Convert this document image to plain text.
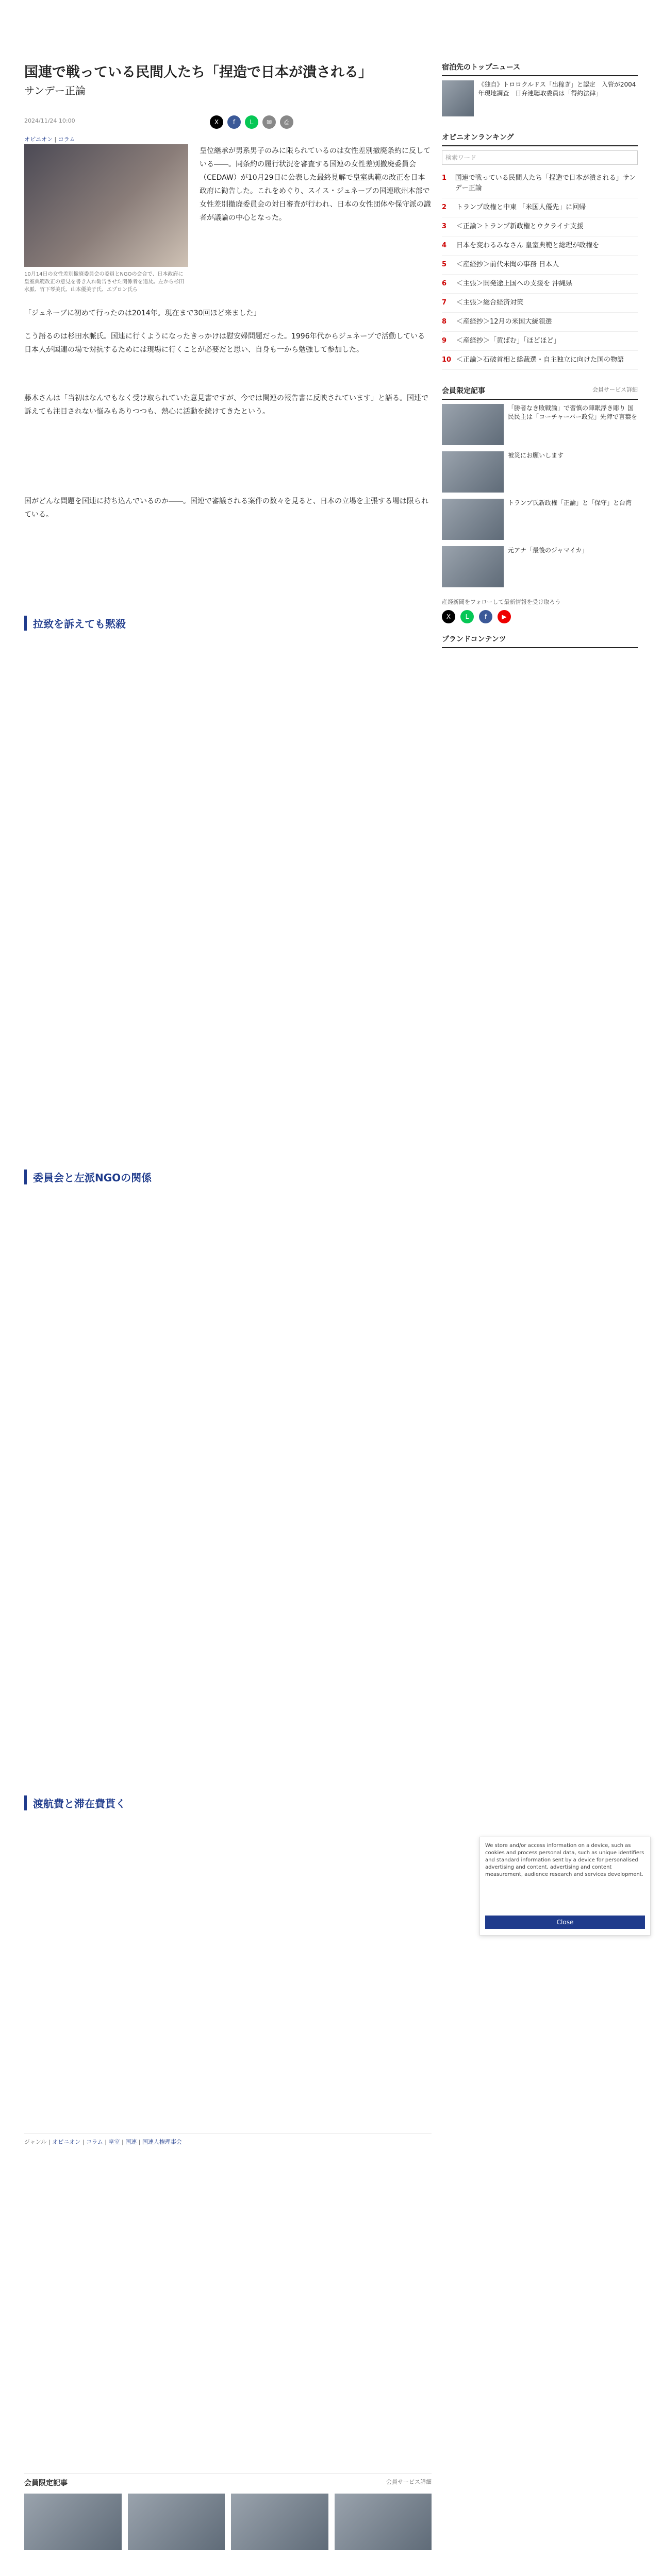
国連で戦っている民間人たち「捏造で日本が潰される」
サンデー正論
2024/11/24 10:00
オピニオン | コラム
X	f	L	✉	⎙
10月14日の女性差別撤廃委員会の委員とNGOの会合で、日本政府に皇室典範改正の意見を書き入れ勧告させた関係者を追及。左から杉田水脈、竹下琴美氏、山本優美子氏、エプロン氏ら
皇位継承が男系男子のみに限られているのは女性差別撤廃条約に反している――。同条約の履行状況を審査する国連の女性差別撤廃委員会（CEDAW）が10月29日に公表した最終見解で皇室典範の改正を日本政府に勧告した。これをめぐり、スイス・ジュネーブの国連欧州本部で女性差別撤廃委員会の対日審査が行われ、日本の女性団体や保守派の識者が議論の中心となった。
「ジュネーブに初めて行ったのは2014年。現在まで30回ほど来ました」
こう語るのは杉田水脈氏。国連に行くようになったきっかけは慰安婦問題だった。1996年代からジュネーブで活動している日本人が国連の場で対抗するためには現場に行くことが必要だと思い、自身も一から勉強して参加した。
藤木さんは「当初はなんでもなく受け取られていた意見書ですが、今では関連の報告書に反映されています」と語る。国連で訴えても注目されない悩みもありつつも、熱心に活動を続けてきたという。
国がどんな問題を国連に持ち込んでいるのか――。国連で審議される案件の数々を見ると、日本の立場を主張する場は限られている。
拉致を訴えても黙殺
委員会と左派NGOの関係
渡航費と滞在費貰く
宿泊先のトップニュース
《独自》トロロクルドス「出稼ぎ」と認定　入管が2004年現地調査　日弁連聴取委員は「得約法律」
オピニオンランキング
検索ワード
1	国連で戦っている民間人たち「捏造で日本が潰される」サンデー正論
2	トランプ政権と中東 「米国人優先」に回帰
3	＜正論＞トランプ新政権とウクライナ支援
4	日本を変わるみなさん 皇室典範と総理が政権を
5	＜産経抄＞前代未聞の事務 日本人
6	＜主張＞開発途上国への支援を 沖縄県
7	＜主張＞総合経済対策
8	＜産経抄＞12月の米国大統領選
9	＜産経抄＞「黄ばむ」「ほどほど」
10 ＜正論＞石破首相と総裁選・自主独立に向けた国の物語
会員限定記事	会員サービス詳細
「勝者なき敗戦論」で習慎の陣眠浮き彫り 国民民主は「コーチャーバー政党」先陣で言葉を
被災にお願いします
トランプ氏新政権「正論」と「保守」と台湾
元アナ「最後のジャマイカ」
産経新聞をフォローして最新情報を受け取ろう
X	L	f	▶
ブランドコンテンツ
We store and/or access information on a device, such as cookies and process personal data, such as unique identifiers and standard information sent by a device for personalised advertising and content, advertising and content measurement, audience research and services development.
Close
ジャンル | オピニオン | コラム | 皇室 | 国連 | 国連人権理事会
会員限定記事	会員サービス詳細
